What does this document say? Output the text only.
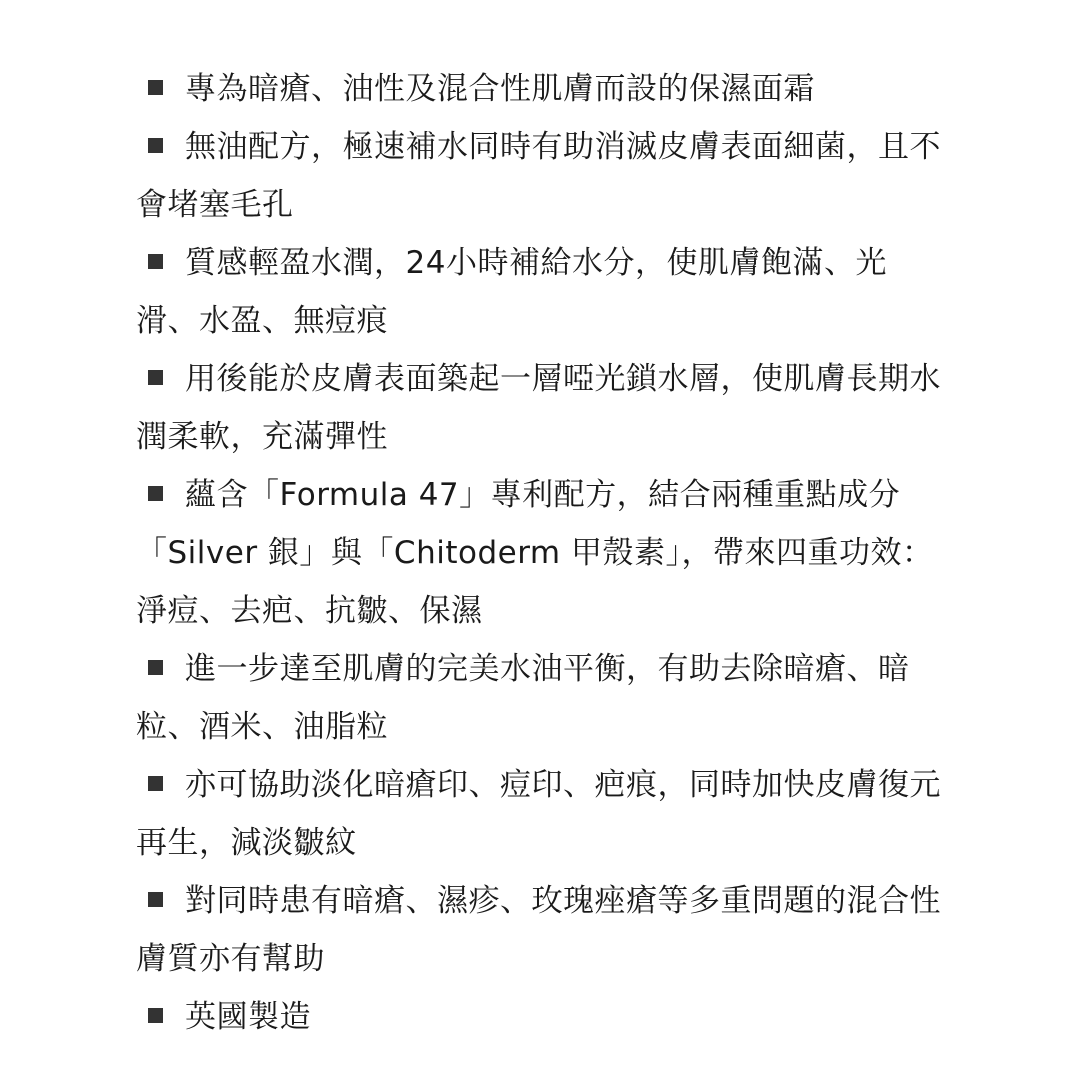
專為暗瘡、油性及混合性肌膚而設的保濕面霜

無油配方，極速補水同時有助消滅皮膚表面細菌，且不會堵塞毛孔

質感輕盈水潤，24小時補給水分，使肌膚飽滿、光滑、水盈、無痘痕

用後能於皮膚表面築起一層啞光鎖水層，使肌膚長期水潤柔軟，充滿彈性

蘊含「Formula 47」專利配方，結合兩種重點成分「Silver 銀」與「Chitoderm 甲殼素」，帶來四重功效：淨痘、去疤、抗皺、保濕

進一步達至肌膚的完美水油平衡，有助去除暗瘡、暗粒、酒米、油脂粒

亦可協助淡化暗瘡印、痘印、疤痕，同時加快皮膚復元再生，減淡皺紋

對同時患有暗瘡、濕疹、玫瑰痤瘡等多重問題的混合性膚質亦有幫助

英國製造
